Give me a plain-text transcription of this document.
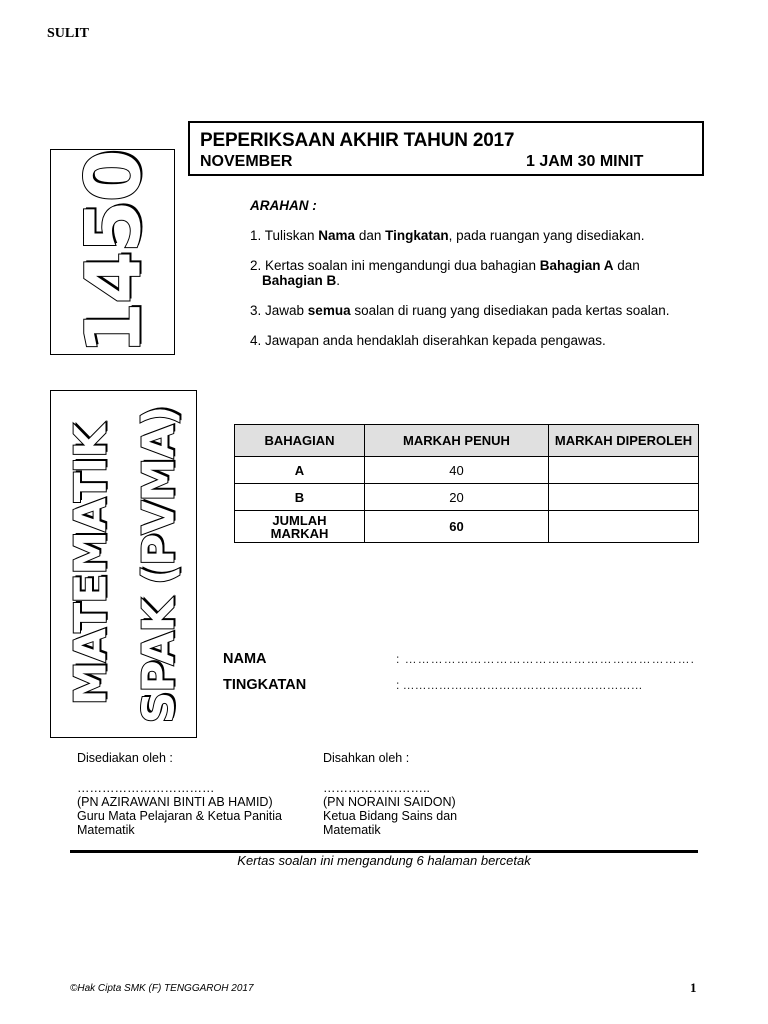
SULIT
PEPERIKSAAN AKHIR TAHUN 2017
NOVEMBER	1 JAM 30 MINIT
1450
MATEMATIK SPAK (PVMA)

ARAHAN :

1. Tuliskan Nama dan Tingkatan, pada ruangan yang disediakan.

2. Kertas soalan ini mengandungi dua bahagian Bahagian A dan
Bahagian B.

3. Jawab semua soalan di ruang yang disediakan pada kertas soalan.

4. Jawapan anda hendaklah diserahkan kepada pengawas.

BAHAGIAN	MARKAH PENUH	MARKAH DIPEROLEH
A	40	
B	20	
JUMLAH MARKAH	60	
NAMA	: ………………………………………………………….
TINGKATAN	: ……………………………………………………

Disediakan oleh :

……………………………

(PN AZIRAWANI BINTI AB HAMID)

Guru Mata Pelajaran & Ketua Panitia Matematik

Disahkan oleh :

……………………..

(PN NORAINI SAIDON)

Ketua Bidang Sains dan Matematik

Kertas soalan ini mengandung 6 halaman bercetak
©Hak Cipta SMK (F) TENGGAROH 2017	1
